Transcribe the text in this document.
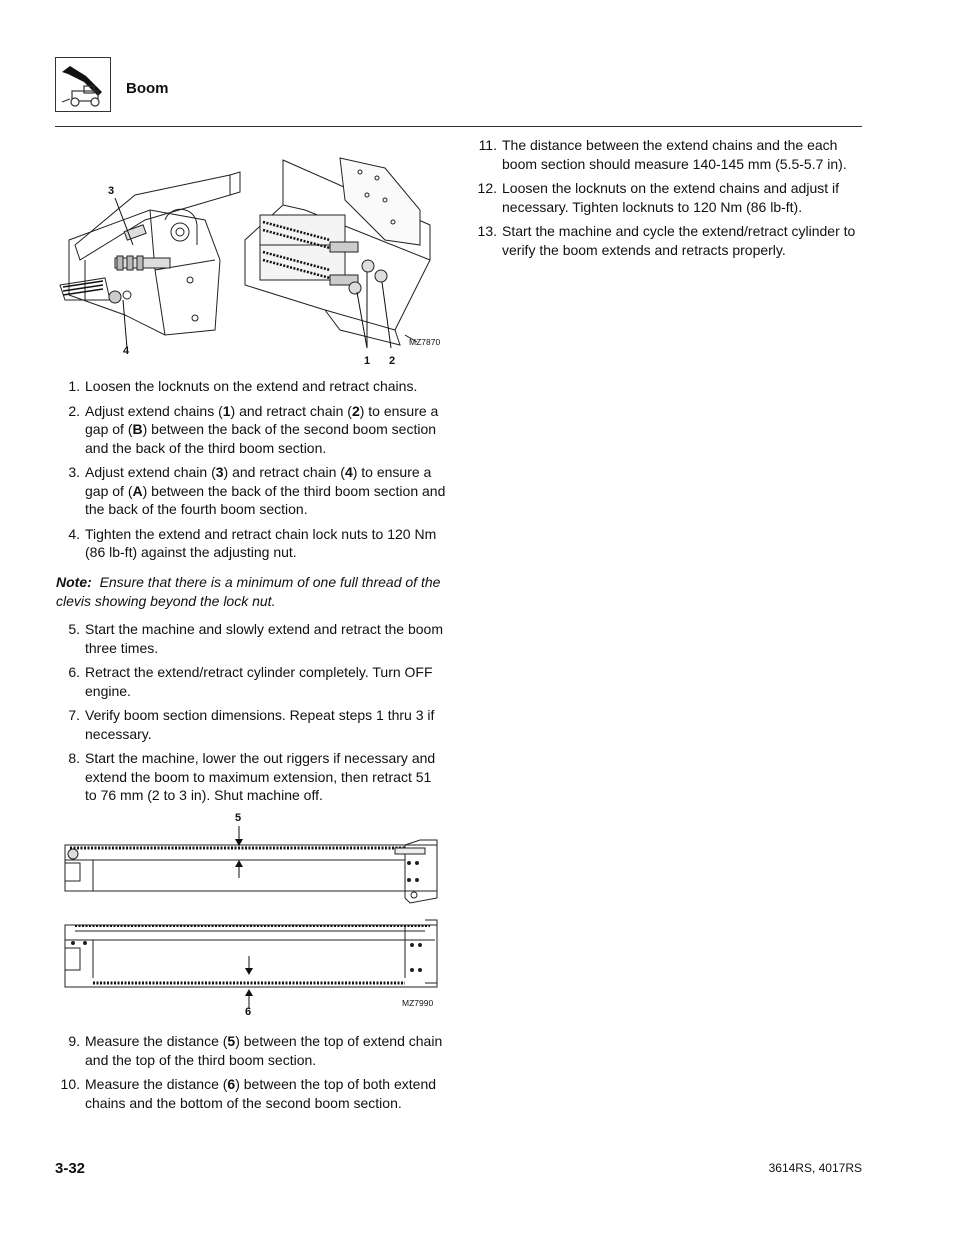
Boom
3
4
1 2
MZ7870
1. Loosen the locknuts on the extend and retract chains.
2. Adjust extend chains (1) and retract chain (2) to ensure a gap of (B) between the back of the second boom section and the back of the third boom section.
3. Adjust extend chain (3) and retract chain (4) to ensure a gap of (A) between the back of the third boom section and the back of the fourth boom section.
4. Tighten the extend and retract chain lock nuts to 120 Nm (86 lb-ft) against the adjusting nut.
Note: Ensure that there is a minimum of one full thread of the clevis showing beyond the lock nut.
5. Start the machine and slowly extend and retract the boom three times.
6. Retract the extend/retract cylinder completely. Turn OFF engine.
7. Verify boom section dimensions. Repeat steps 1 thru 3 if necessary.
8. Start the machine, lower the out riggers if necessary and extend the boom to maximum extension, then retract 51 to 76 mm (2 to 3 in). Shut machine off.
5
6
MZ7990
9. Measure the distance (5) between the top of extend chain and the top of the third boom section.
10. Measure the distance (6) between the top of both extend chains and the bottom of the second boom section.
11. The distance between the extend chains and the each boom section should measure 140-145 mm (5.5-5.7 in).
12. Loosen the locknuts on the extend chains and adjust if necessary. Tighten locknuts to 120 Nm (86 lb-ft).
13. Start the machine and cycle the extend/retract cylinder to verify the boom extends and retracts properly.
3-32	3614RS, 4017RS
